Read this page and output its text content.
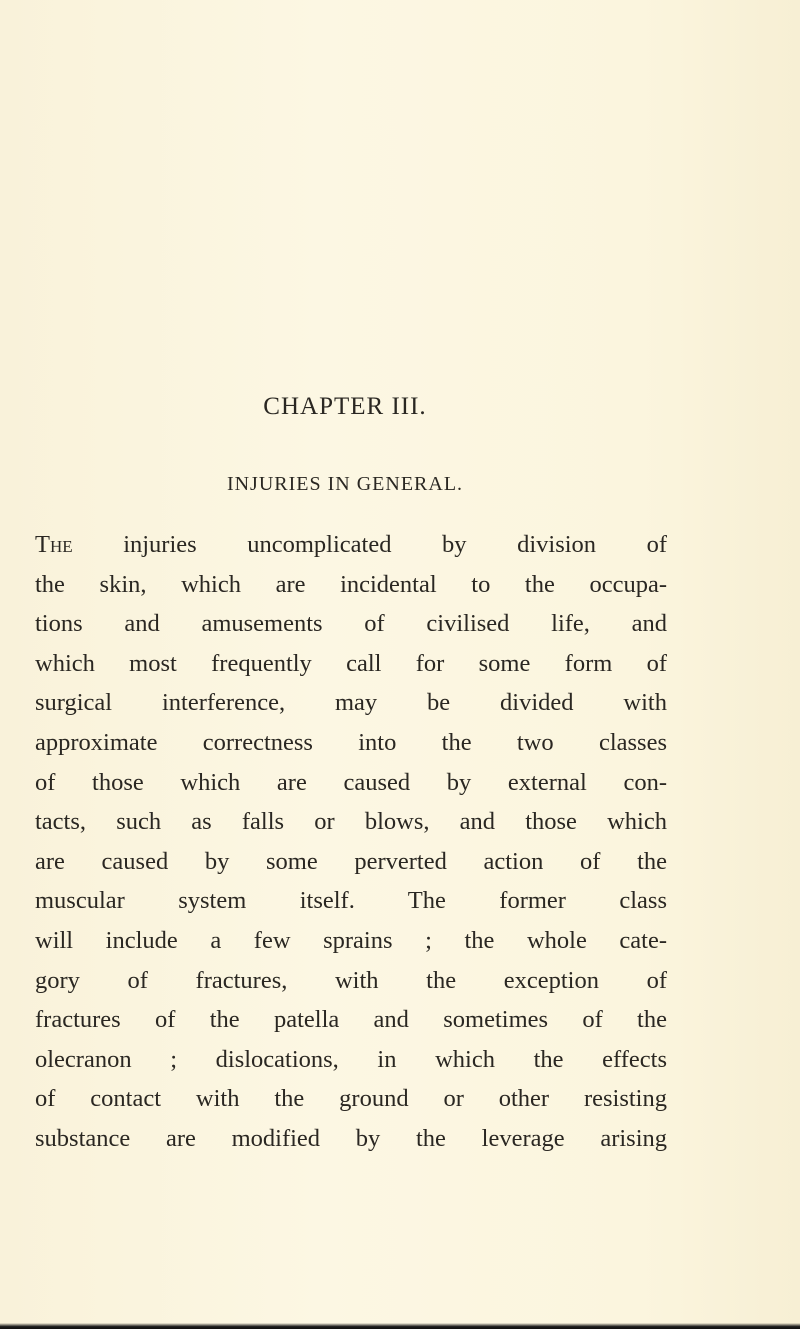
CHAPTER III.
INJURIES IN GENERAL.
The injuries uncomplicated by division of
the skin, which are incidental to the occupa-
tions and amusements of civilised life, and
which most frequently call for some form of
surgical interference, may be divided with
approximate correctness into the two classes
of those which are caused by external con-
tacts, such as falls or blows, and those which
are caused by some perverted action of the
muscular system itself. The former class
will include a few sprains ; the whole cate-
gory of fractures, with the exception of
fractures of the patella and sometimes of the
olecranon ; dislocations, in which the effects
of contact with the ground or other resisting
substance are modified by the leverage arising
